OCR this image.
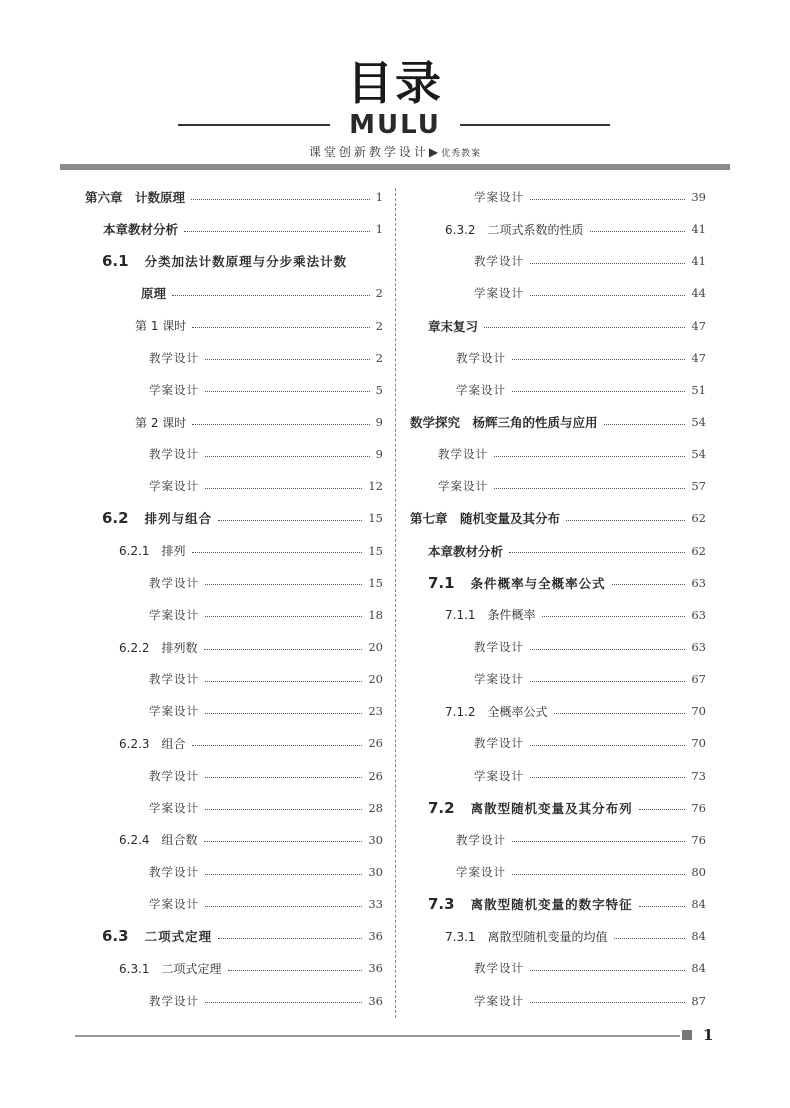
目录
MULU
课堂创新教学设计▶优秀教案
第六章　计数原理	1
本章教材分析	1
6.1 分类加法计数原理与分步乘法计数
原理	2
第 1 课时	2
教学设计	2
学案设计	5
第 2 课时	9
教学设计	9
学案设计	12
6.2 排列与组合	15
6.2.1　排列	15
教学设计	15
学案设计	18
6.2.2　排列数	20
教学设计	20
学案设计	23
6.2.3　组合	26
教学设计	26
学案设计	28
6.2.4　组合数	30
教学设计	30
学案设计	33
6.3 二项式定理	36
6.3.1　二项式定理	36
教学设计	36
学案设计	39
6.3.2　二项式系数的性质	41
教学设计	41
学案设计	44
章末复习	47
教学设计	47
学案设计	51
数学探究　杨辉三角的性质与应用	54
教学设计	54
学案设计	57
第七章　随机变量及其分布	62
本章教材分析	62
7.1 条件概率与全概率公式	63
7.1.1　条件概率	63
教学设计	63
学案设计	67
7.1.2　全概率公式	70
教学设计	70
学案设计	73
7.2 离散型随机变量及其分布列	76
教学设计	76
学案设计	80
7.3 离散型随机变量的数字特征	84
7.3.1　离散型随机变量的均值	84
教学设计	84
学案设计	87
1
